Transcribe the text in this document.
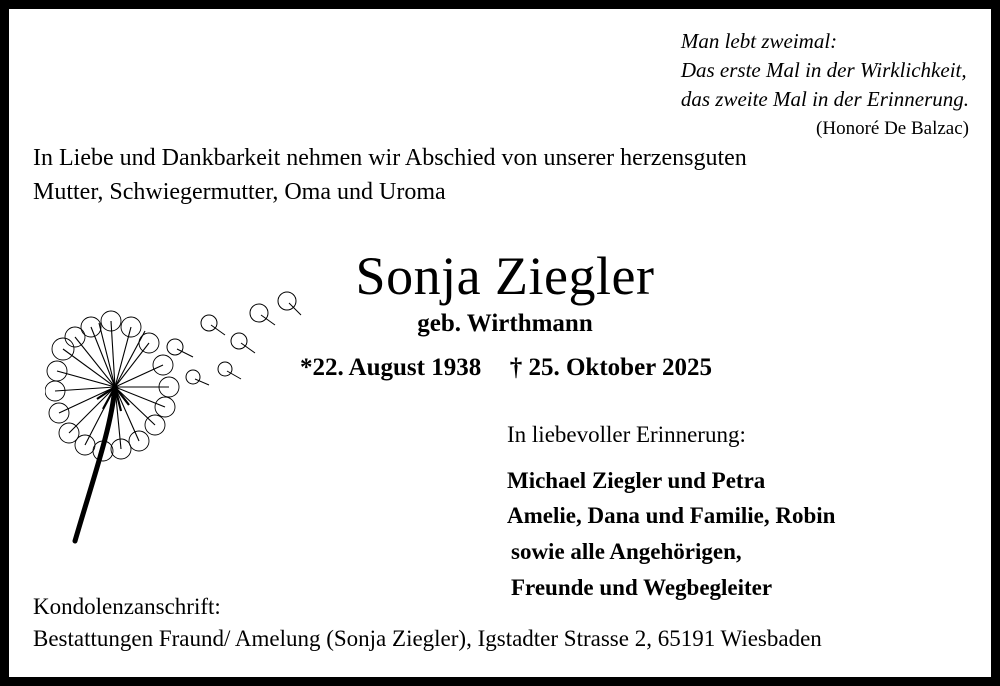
Man lebt zweimal:
Das erste Mal in der Wirklichkeit,
das zweite Mal in der Erinnerung.
(Honoré De Balzac)
In Liebe und Dankbarkeit nehmen wir Abschied von unserer herzensguten
Mutter, Schwiegermutter, Oma und Uroma
Sonja Ziegler
geb. Wirthmann
*22. August 1938 † 25. Oktober 2025
In liebevoller Erinnerung:
Michael Ziegler und Petra
Amelie, Dana und Familie, Robin
sowie alle Angehörigen,
Freunde und Wegbegleiter
Kondolenzanschrift:
Bestattungen Fraund/ Amelung (Sonja Ziegler), Igstadter Strasse 2, 65191 Wiesbaden
